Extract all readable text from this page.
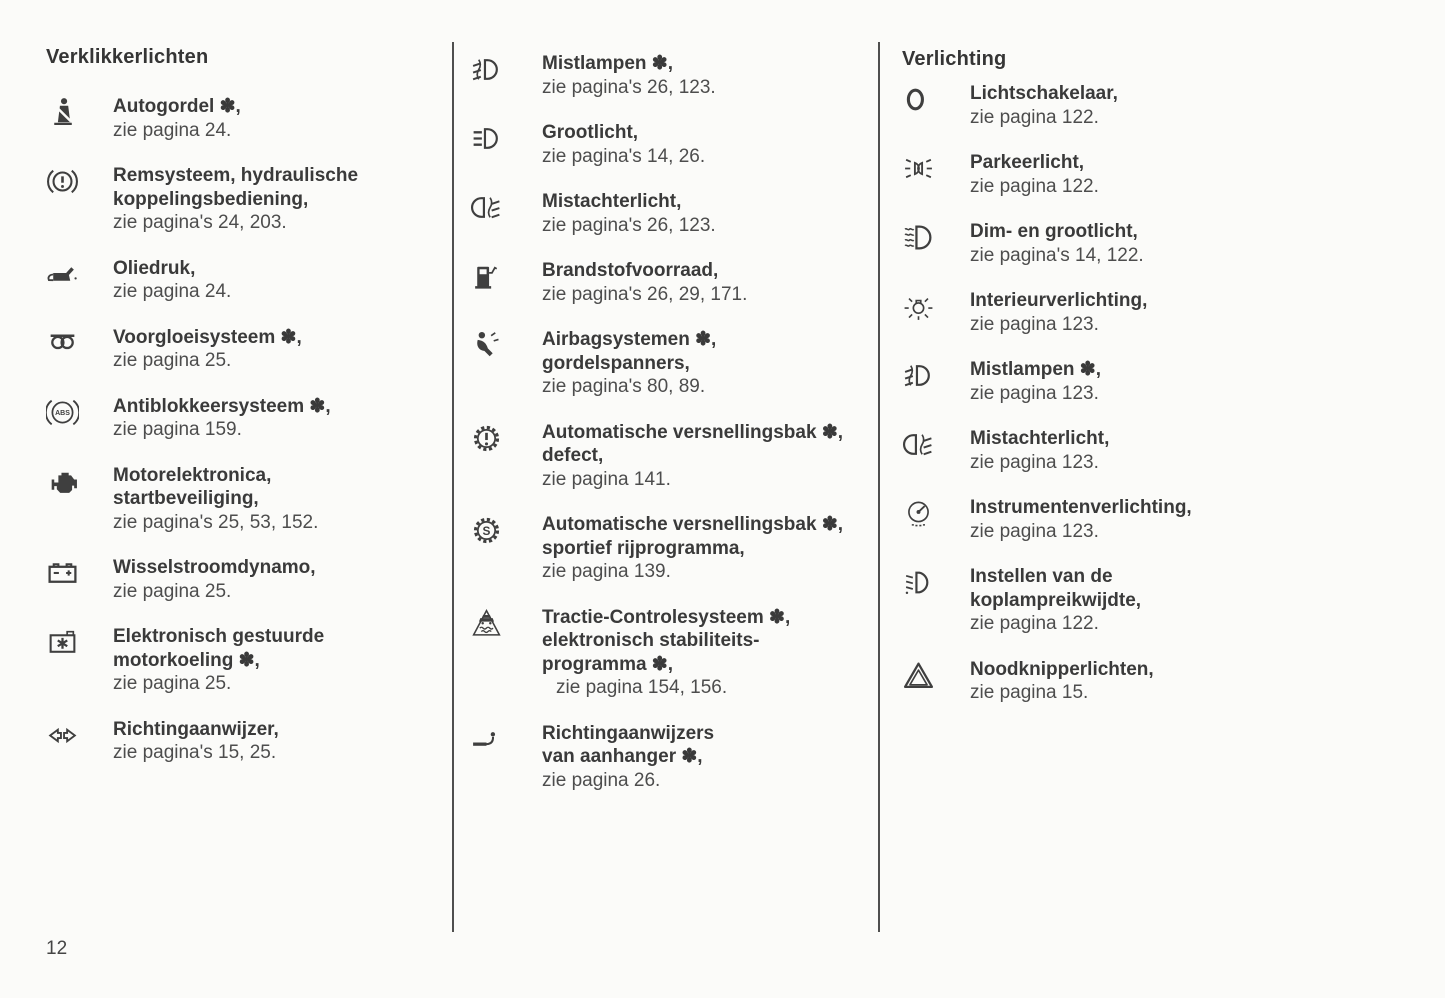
Verklikkerlichten
Autogordel ✽,
zie pagina 24.
Remsysteem, hydraulische
koppelingsbediening,
zie pagina's 24, 203.
Oliedruk,
zie pagina 24.
Voorgloeisysteem ✽,
zie pagina 25.
ABS Antiblokkeersysteem ✽,
zie pagina 159.
Motorelektronica,
startbeveiliging,
zie pagina's 25, 53, 152.
Wisselstroomdynamo,
zie pagina 25.
Elektronisch gestuurde
motorkoeling ✽,
zie pagina 25.
Richtingaanwijzer,
zie pagina's 15, 25.
Mistlampen ✽,
zie pagina's 26, 123.
Grootlicht,
zie pagina's 14, 26.
Mistachterlicht,
zie pagina's 26, 123.
Brandstofvoorraad,
zie pagina's 26, 29, 171.
Airbagsystemen ✽,
gordelspanners,
zie pagina's 80, 89.
Automatische versnellingsbak ✽,
defect,
zie pagina 141.
S	Automatische versnellingsbak ✽,
sportief rijprogramma,
zie pagina 139.
Tractie-Controlesysteem ✽,
elektronisch stabiliteits-
programma ✽,
zie pagina 154, 156.
Richtingaanwijzers
van aanhanger ✽,
zie pagina 26.
Verlichting
Lichtschakelaar,
zie pagina 122.
Parkeerlicht,
zie pagina 122.
Dim- en grootlicht,
zie pagina's 14, 122.
Interieurverlichting,
zie pagina 123.
Mistlampen ✽,
zie pagina 123.
Mistachterlicht,
zie pagina 123.
Instrumentenverlichting,
zie pagina 123.
Instellen van de
koplampreikwijdte,
zie pagina 122.
Noodknipperlichten,
zie pagina 15.
12
